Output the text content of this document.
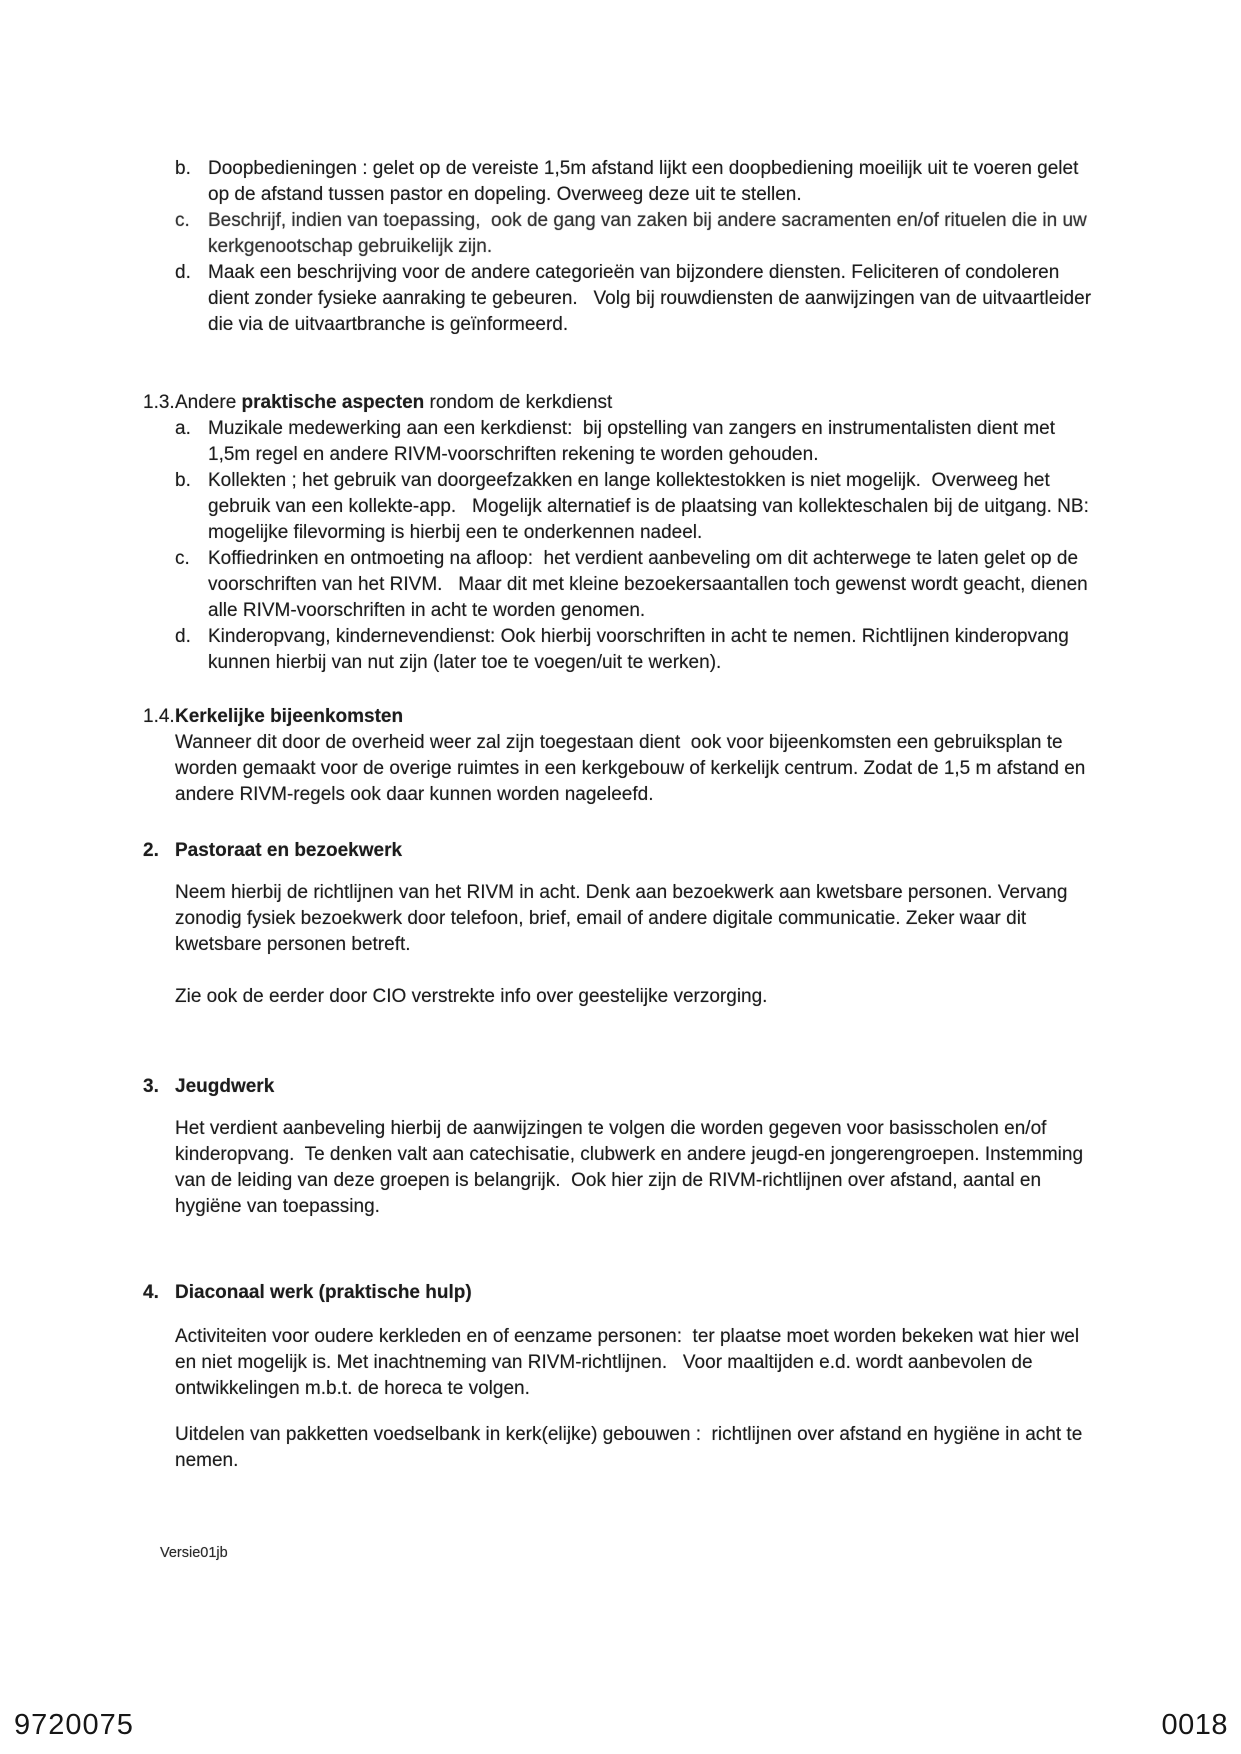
b. Doopbedieningen : gelet op de vereiste 1,5m afstand lijkt een doopbediening moeilijk uit te voeren gelet op de afstand tussen pastor en dopeling. Overweeg deze uit te stellen.
c. Beschrijf, indien van toepassing,  ook de gang van zaken bij andere sacramenten en/of rituelen die in uw kerkgenootschap gebruikelijk zijn.
d. Maak een beschrijving voor de andere categorieën van bijzondere diensten. Feliciteren of condoleren dient zonder fysieke aanraking te gebeuren.   Volg bij rouwdiensten de aanwijzingen van de uitvaartleider die via de uitvaartbranche is geïnformeerd.
1.3. Andere praktische aspecten rondom de kerkdienst
a. Muzikale medewerking aan een kerkdienst:  bij opstelling van zangers en instrumentalisten dient met 1,5m regel en andere RIVM-voorschriften rekening te worden gehouden.
b. Kollekten ; het gebruik van doorgeefzakken en lange kollektestokken is niet mogelijk.  Overweeg het gebruik van een kollekte-app.   Mogelijk alternatief is de plaatsing van kollekteschalen bij de uitgang. NB: mogelijke filevorming is hierbij een te onderkennen nadeel.
c. Koffiedrinken en ontmoeting na afloop:  het verdient aanbeveling om dit achterwege te laten gelet op de voorschriften van het RIVM.   Maar dit met kleine bezoekersaantallen toch gewenst wordt geacht, dienen alle RIVM-voorschriften in acht te worden genomen.
d. Kinderopvang, kindernevendienst: Ook hierbij voorschriften in acht te nemen. Richtlijnen kinderopvang kunnen hierbij van nut zijn (later toe te voegen/uit te werken).
1.4. Kerkelijke bijeenkomsten
Wanneer dit door de overheid weer zal zijn toegestaan dient  ook voor bijeenkomsten een gebruiksplan te worden gemaakt voor de overige ruimtes in een kerkgebouw of kerkelijk centrum. Zodat de 1,5 m afstand en andere RIVM-regels ook daar kunnen worden nageleefd.
2. Pastoraat en bezoekwerk
Neem hierbij de richtlijnen van het RIVM in acht. Denk aan bezoekwerk aan kwetsbare personen. Vervang zonodig fysiek bezoekwerk door telefoon, brief, email of andere digitale communicatie. Zeker waar dit kwetsbare personen betreft.
Zie ook de eerder door CIO verstrekte info over geestelijke verzorging.
3. Jeugdwerk
Het verdient aanbeveling hierbij de aanwijzingen te volgen die worden gegeven voor basisscholen en/of kinderopvang.  Te denken valt aan catechisatie, clubwerk en andere jeugd-en jongerengroepen. Instemming van de leiding van deze groepen is belangrijk.  Ook hier zijn de RIVM-richtlijnen over afstand, aantal en hygiëne van toepassing.
4. Diaconaal werk (praktische hulp)
Activiteiten voor oudere kerkleden en of eenzame personen:  ter plaatse moet worden bekeken wat hier wel en niet mogelijk is. Met inachtneming van RIVM-richtlijnen.   Voor maaltijden e.d. wordt aanbevolen de ontwikkelingen m.b.t. de horeca te volgen.
Uitdelen van pakketten voedselbank in kerk(elijke) gebouwen :  richtlijnen over afstand en hygiëne in acht te nemen.
Versie01jb
9720075	0018
